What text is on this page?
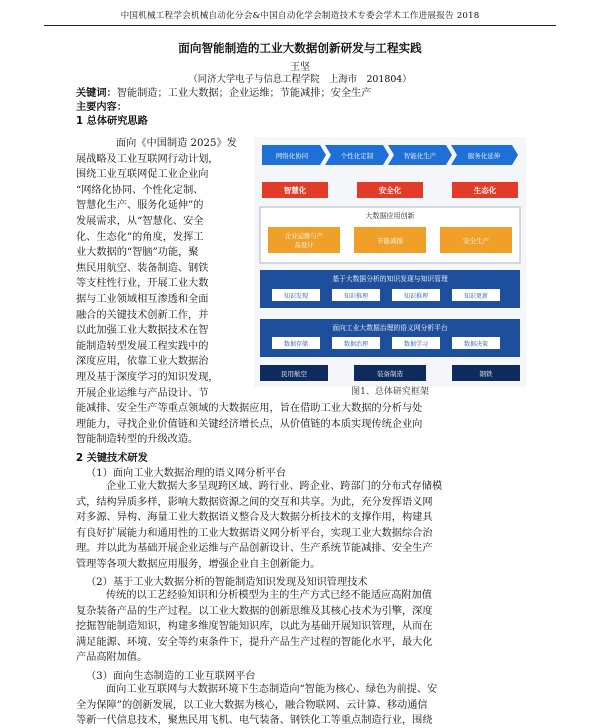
中国机械工程学会机械自动化分会&中国自动化学会制造技术专委会学术工作进展报告 2018
面向智能制造的工业大数据创新研发与工程实践
王坚
（同济大学电子与信息工程学院　上海市　201804）
关键词：智能制造；工业大数据；企业运维；节能减排；安全生产
主要内容：
1 总体研究思路
面向《中国制造 2025》发
展战略及工业互联网行动计划，
围绕工业互联网促工业企业向
“网络化协同、个性化定制、
智慧化生产、服务化延伸”的
发展需求，从“智慧化、安全
化、生态化”的角度，发挥工
业大数据的“智脑”功能，聚
焦民用航空、装备制造、钢铁
等支柱性行业，开展工业大数
据与工业领域相互渗透和全面
融合的关键技术创新工作，并
以此加强工业大数据技术在智
能制造转型发展工程实践中的
深度应用，依靠工业大数据治
理及基于深度学习的知识发现，
开展企业运维与产品设计、节
网络化协同	个性化定制	智能化生产	服务化延伸
智慧化	安全化	生态化
大数据应用创新
企业运维与产
品设计
节能减排	安全生产
基于大数据分析的知识发现与知识管理
知识发现	知识推理	知识推理	知识更新
面向工业大数据治理的语义网分析平台
数据存储	数据治理	数据学习	数据决策
民用航空	装备制造	钢铁
图1、总体研究框架
能减排、安全生产等重点领域的大数据应用，旨在借助工业大数据的分析与处
理能力，寻找企业价值链和关键经济增长点，从价值链的本质实现传统企业向
智能制造转型的升级改造。
2 关键技术研发
（1）面向工业大数据治理的语义网分析平台
企业工业大数据大多呈现跨区域、跨行业、跨企业、跨部门的分布式存储模
式，结构异质多样，影响大数据资源之间的交互和共享。为此，充分发挥语义网
对多源、异构、海量工业大数据语义整合及大数据分析技术的支撑作用，构建具
有良好扩展能力和通用性的工业大数据语义网分析平台，实现工业大数据综合治
理。并以此为基础开展企业运维与产品创新设计、生产系统节能减排、安全生产
管理等各项大数据应用服务，增强企业自主创新能力。
（2）基于工业大数据分析的智能制造知识发现及知识管理技术
传统的以工艺经验知识和分析模型为主的生产方式已经不能适应高附加值
复杂装备产品的生产过程。以工业大数据的创新思维及其核心技术为引擎，深度
挖掘智能制造知识，构建多维度智能知识库，以此为基础开展知识管理，从而在
满足能源、环境、安全等约束条件下，提升产品生产过程的智能化水平，最大化
产品高附加值。
（3）面向生态制造的工业互联网平台
面向工业互联网与大数据环境下生态制造向“智能为核心、绿色为前提、安
全为保障”的创新发展，以工业大数据为核心，融合物联网、云计算、移动通信
等新一代信息技术，聚焦民用飞机、电气装备、钢铁化工等重点制造行业，围绕
